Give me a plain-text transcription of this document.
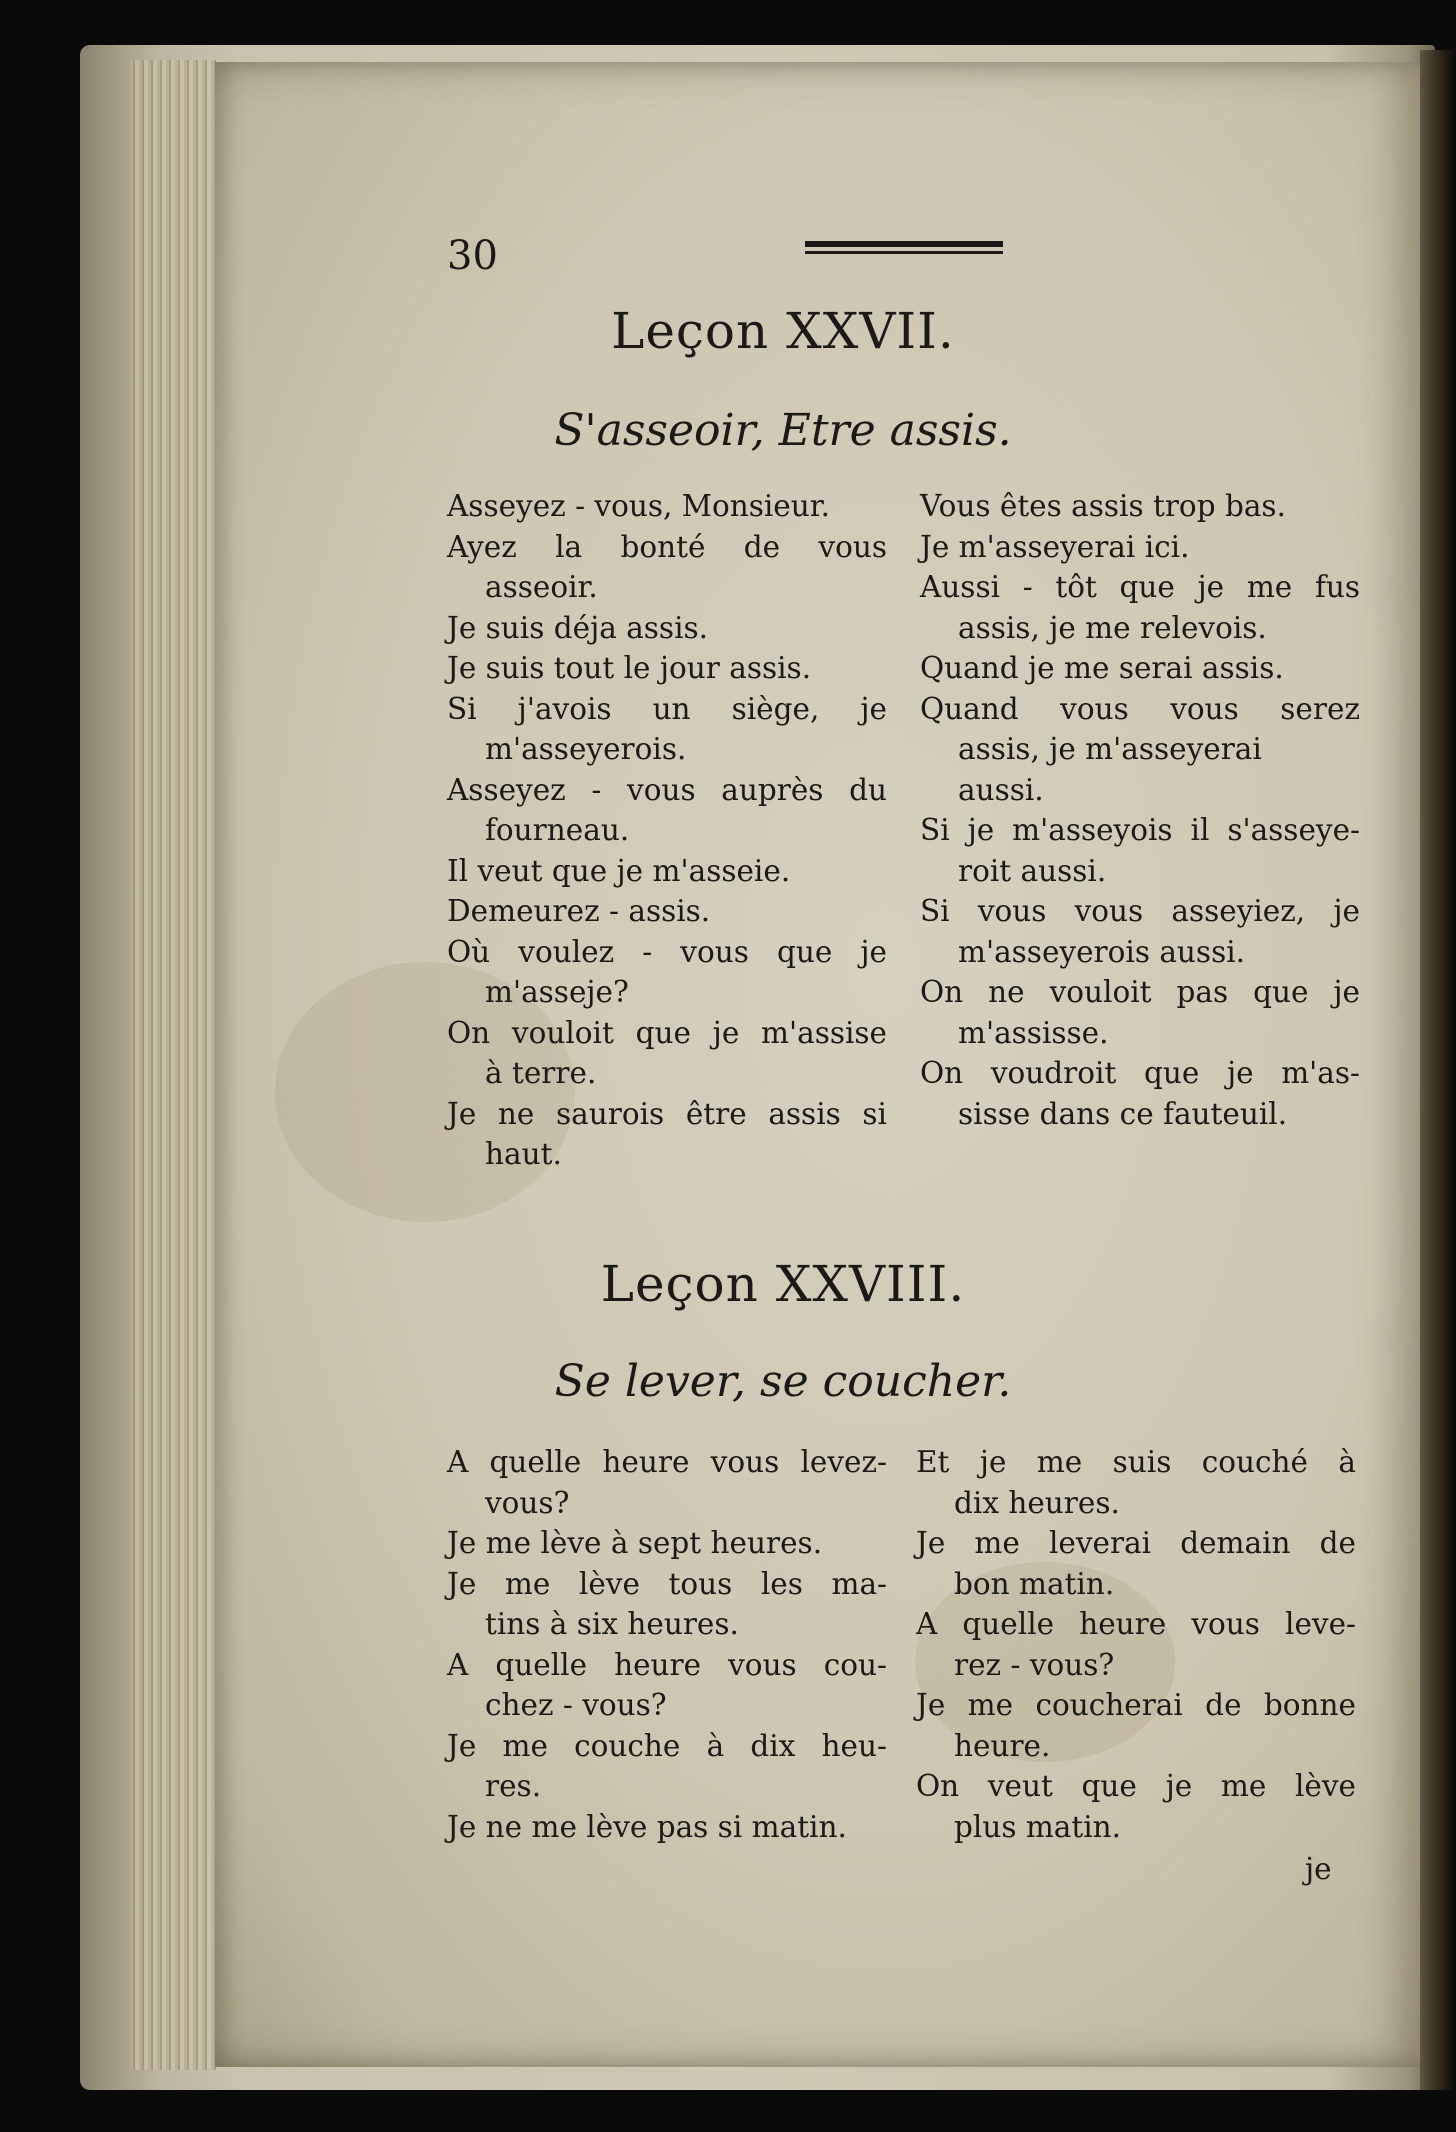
30
Leçon XXVII.
S'asseoir, Etre assis.
Asseyez - vous, Monsieur.
Ayez la bonté de vous
asseoir.
Je suis déja assis.
Je suis tout le jour assis.
Si j'avois un siège, je
m'asseyerois.
Asseyez - vous auprès du
fourneau.
Il veut que je m'asseie.
Demeurez - assis.
Où voulez - vous que je
m'asseje?
On vouloit que je m'assise
à terre.
Je ne saurois être assis si
haut.
Vous êtes assis trop bas.
Je m'asseyerai ici.
Aussi - tôt que je me fus
assis, je me relevois.
Quand je me serai assis.
Quand vous vous serez
assis, je m'asseyerai
aussi.
Si je m'asseyois il s'asseye-
roit aussi.
Si vous vous asseyiez, je
m'asseyerois aussi.
On ne vouloit pas que je
m'assisse.
On voudroit que je m'as-
sisse dans ce fauteuil.
Leçon XXVIII.
Se lever, se coucher.
A quelle heure vous levez-
vous?
Je me lève à sept heures.
Je me lève tous les ma-
tins à six heures.
A quelle heure vous cou-
chez - vous?
Je me couche à dix heu-
res.
Je ne me lève pas si matin.
Et je me suis couché à
dix heures.
Je me leverai demain de
bon matin.
A quelle heure vous leve-
rez - vous?
Je me coucherai de bonne
heure.
On veut que je me lève
plus matin.
je
